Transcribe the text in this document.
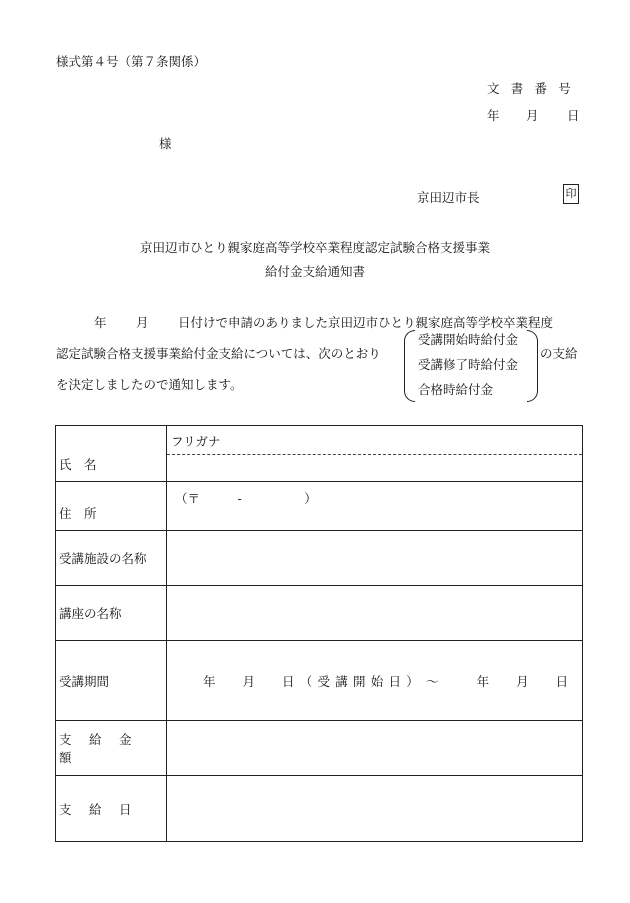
様式第４号（第７条関係）
文書番号
年 月 日
様
京田辺市長	印
京田辺市ひとり親家庭高等学校卒業程度認定試験合格支援事業
給付金支給通知書
年 月 日付けで申請のありました京田辺市ひとり親家庭高等学校卒業程度
認定試験合格支援事業給付金支給については、次のとおり
受講開始時給付金
受講修了時給付金
合格時給付金
の支給
を決定しましたので通知します。
氏　名	フリガナ

住　所	（〒　　　-　　　　　）
受講施設の名称	
講座の名称	
受講期間	年 月 日（受講開始日） ～ 年 月 日
支給金額	
支給日	
